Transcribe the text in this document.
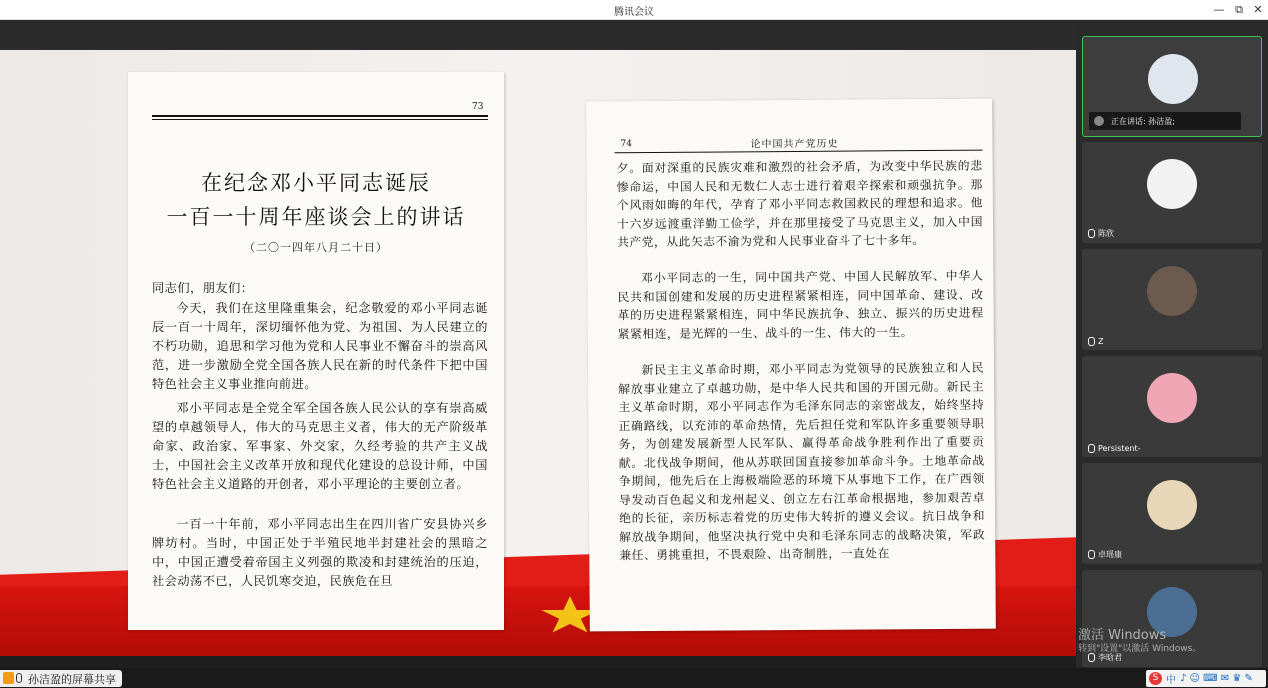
腾讯会议	— ⧉ ✕
73
在纪念邓小平同志诞辰
一百一十周年座谈会上的讲话
（二〇一四年八月二十日）
同志们，朋友们：
今天，我们在这里隆重集会，纪念敬爱的邓小平同志诞辰一百一十周年，深切缅怀他为党、为祖国、为人民建立的不朽功勋，追思和学习他为党和人民事业不懈奋斗的崇高风范，进一步激励全党全国各族人民在新的时代条件下把中国特色社会主义事业推向前进。
邓小平同志是全党全军全国各族人民公认的享有崇高威望的卓越领导人，伟大的马克思主义者，伟大的无产阶级革命家、政治家、军事家、外交家，久经考验的共产主义战士，中国社会主义改革开放和现代化建设的总设计师，中国特色社会主义道路的开创者，邓小平理论的主要创立者。
一百一十年前，邓小平同志出生在四川省广安县协兴乡牌坊村。当时，中国正处于半殖民地半封建社会的黑暗之中，中国正遭受着帝国主义列强的欺凌和封建统治的压迫，社会动荡不已，人民饥寒交迫，民族危在旦
74	论中国共产党历史
夕。面对深重的民族灾难和激烈的社会矛盾，为改变中华民族的悲惨命运，中国人民和无数仁人志士进行着艰辛探索和顽强抗争。那个风雨如晦的年代，孕育了邓小平同志救国救民的理想和追求。他十六岁远渡重洋勤工俭学，并在那里接受了马克思主义，加入中国共产党，从此矢志不渝为党和人民事业奋斗了七十多年。
邓小平同志的一生，同中国共产党、中国人民解放军、中华人民共和国创建和发展的历史进程紧紧相连，同中国革命、建设、改革的历史进程紧紧相连，同中华民族抗争、独立、振兴的历史进程紧紧相连，是光辉的一生、战斗的一生、伟大的一生。
新民主主义革命时期，邓小平同志为党领导的民族独立和人民解放事业建立了卓越功勋，是中华人民共和国的开国元勋。新民主主义革命时期，邓小平同志作为毛泽东同志的亲密战友，始终坚持正确路线，以充沛的革命热情，先后担任党和军队许多重要领导职务，为创建发展新型人民军队、赢得革命战争胜利作出了重要贡献。北伐战争期间，他从苏联回国直接参加革命斗争。土地革命战争期间，他先后在上海极端险恶的环境下从事地下工作，在广西领导发动百色起义和龙州起义、创立左右江革命根据地，参加艰苦卓绝的长征，亲历标志着党的历史伟大转折的遵义会议。抗日战争和解放战争期间，他坚决执行党中央和毛泽东同志的战略决策，军政兼任、勇挑重担，不畏艰险、出奇制胜，一直处在
正在讲话: 孙洁盈;
陈欣
Z
Persistent-
卓瑶康
李晗君
激活 Windows
转到"设置"以激活 Windows。
孙洁盈的屏幕共享	S 中 ♪ ☺ ⌨ ✉ ♛ ✎
